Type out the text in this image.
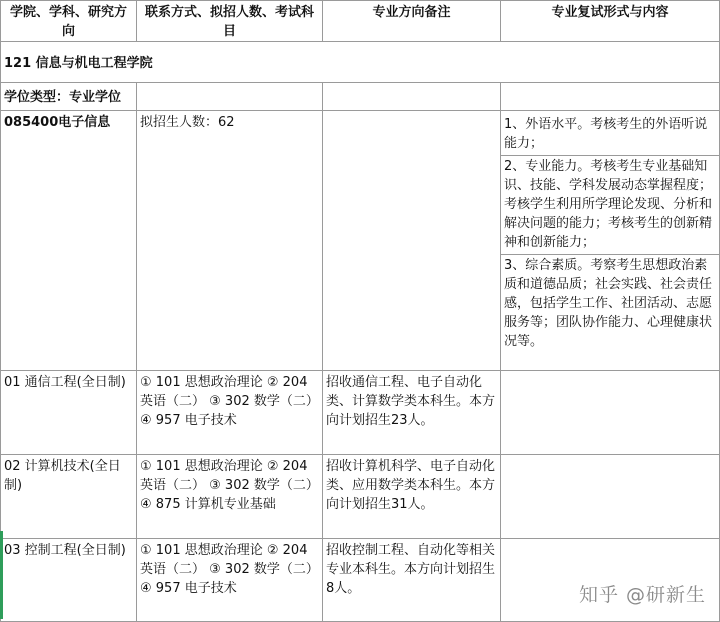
学院、学科、研究方向	联系方式、拟招人数、考试科目	专业方向备注	专业复试形式与内容
121 信息与机电工程学院			
学位类型：专业学位			
085400电子信息	拟招生人数：62		1、外语水平。考核考生的外语听说能力；
2、专业能力。考核考生专业基础知识、技能、学科发展动态掌握程度；考核学生利用所学理论发现、分析和解决问题的能力；考核考生的创新精神和创新能力；
3、综合素质。考察考生思想政治素质和道德品质；社会实践、社会责任感，包括学生工作、社团活动、志愿服务等；团队协作能力、心理健康状况等。

01 通信工程(全日制)	① 101 思想政治理论 ② 204 英语（二） ③ 302 数学（二） ④ 957 电子技术	招收通信工程、电子自动化类、计算数学类本科生。本方向计划招生23人。	
02 计算机技术(全日制)	① 101 思想政治理论 ② 204 英语（二） ③ 302 数学（二） ④ 875 计算机专业基础	招收计算机科学、电子自动化类、应用数学类本科生。本方向计划招生31人。	
03 控制工程(全日制)	① 101 思想政治理论 ② 204 英语（二） ③ 302 数学（二） ④ 957 电子技术	招收控制工程、自动化等相关专业本科生。本方向计划招生8人。		知乎 @研新生
